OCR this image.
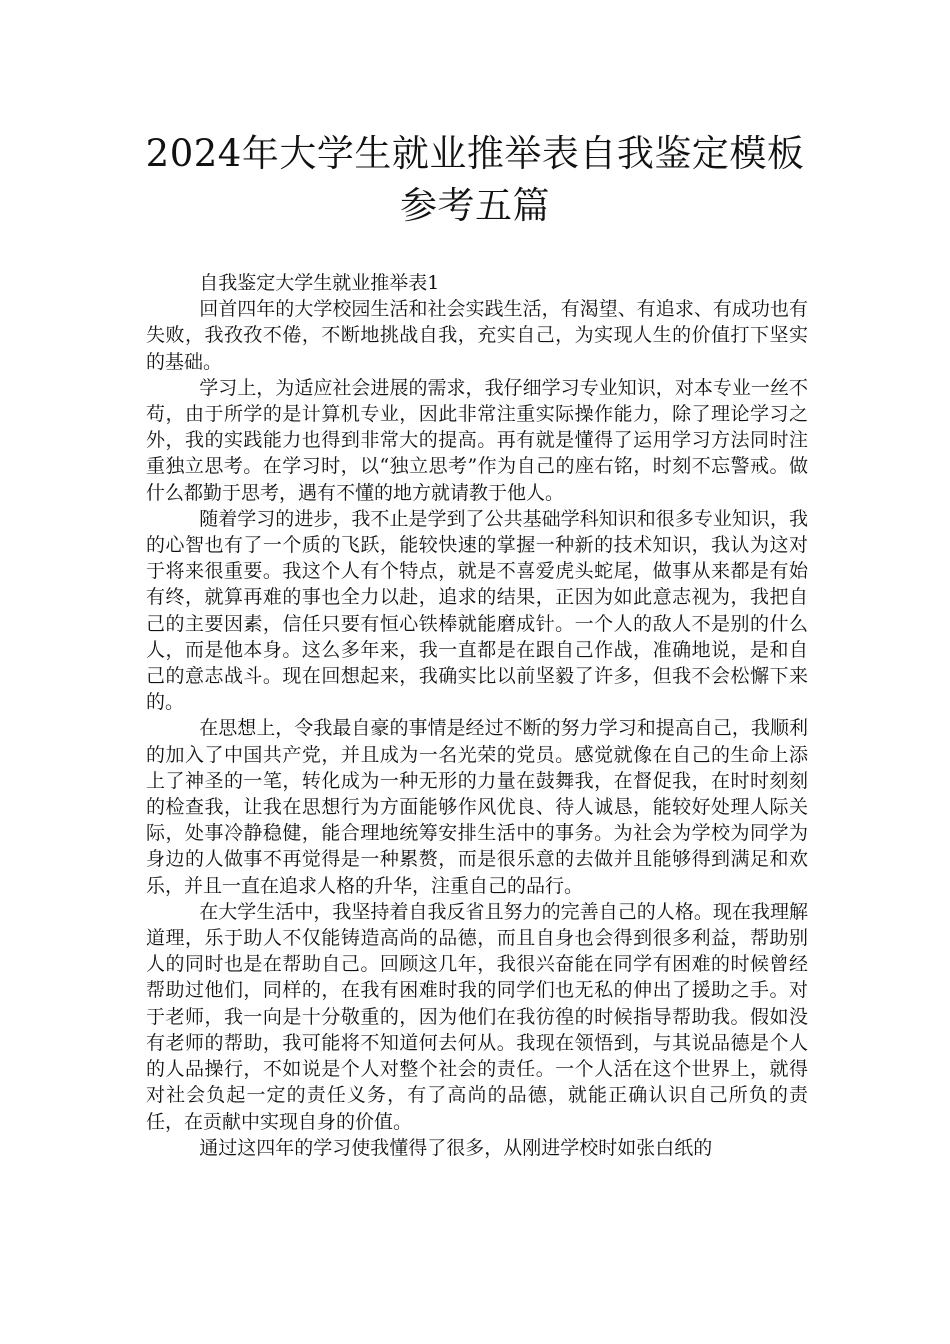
2024年大学生就业推举表自我鉴定模板参考五篇

自我鉴定大学生就业推举表1

回首四年的大学校园生活和社会实践生活，有渴望、有追求、有成功也有失败，我孜孜不倦，不断地挑战自我，充实自己，为实现人生的价值打下坚实的基础。

学习上，为适应社会进展的需求，我仔细学习专业知识，对本专业一丝不苟，由于所学的是计算机专业，因此非常注重实际操作能力，除了理论学习之外，我的实践能力也得到非常大的提高。再有就是懂得了运用学习方法同时注重独立思考。在学习时，以“独立思考”作为自己的座右铭，时刻不忘警戒。做什么都勤于思考，遇有不懂的地方就请教于他人。

随着学习的进步，我不止是学到了公共基础学科知识和很多专业知识，我的心智也有了一个质的飞跃，能较快速的掌握一种新的技术知识，我认为这对于将来很重要。我这个人有个特点，就是不喜爱虎头蛇尾，做事从来都是有始有终，就算再难的事也全力以赴，追求的结果，正因为如此意志视为，我把自己的主要因素，信任只要有恒心铁棒就能磨成针。一个人的敌人不是别的什么人，而是他本身。这么多年来，我一直都是在跟自己作战，准确地说，是和自己的意志战斗。现在回想起来，我确实比以前坚毅了许多，但我不会松懈下来的。

在思想上，令我最自豪的事情是经过不断的努力学习和提高自己，我顺利的加入了中国共产党，并且成为一名光荣的党员。感觉就像在自己的生命上添上了神圣的一笔，转化成为一种无形的力量在鼓舞我，在督促我，在时时刻刻的检查我，让我在思想行为方面能够作风优良、待人诚恳，能较好处理人际关际，处事冷静稳健，能合理地统筹安排生活中的事务。为社会为学校为同学为身边的人做事不再觉得是一种累赘，而是很乐意的去做并且能够得到满足和欢乐，并且一直在追求人格的升华，注重自己的品行。

在大学生活中，我坚持着自我反省且努力的完善自己的人格。现在我理解道理，乐于助人不仅能铸造高尚的品德，而且自身也会得到很多利益，帮助别人的同时也是在帮助自己。回顾这几年，我很兴奋能在同学有困难的时候曾经帮助过他们，同样的，在我有困难时我的同学们也无私的伸出了援助之手。对于老师，我一向是十分敬重的，因为他们在我彷徨的时候指导帮助我。假如没有老师的帮助，我可能将不知道何去何从。我现在领悟到，与其说品德是个人的人品操行，不如说是个人对整个社会的责任。一个人活在这个世界上，就得对社会负起一定的责任义务，有了高尚的品德，就能正确认识自己所负的责任，在贡献中实现自身的价值。

通过这四年的学习使我懂得了很多，从刚进学校时如张白纸的
